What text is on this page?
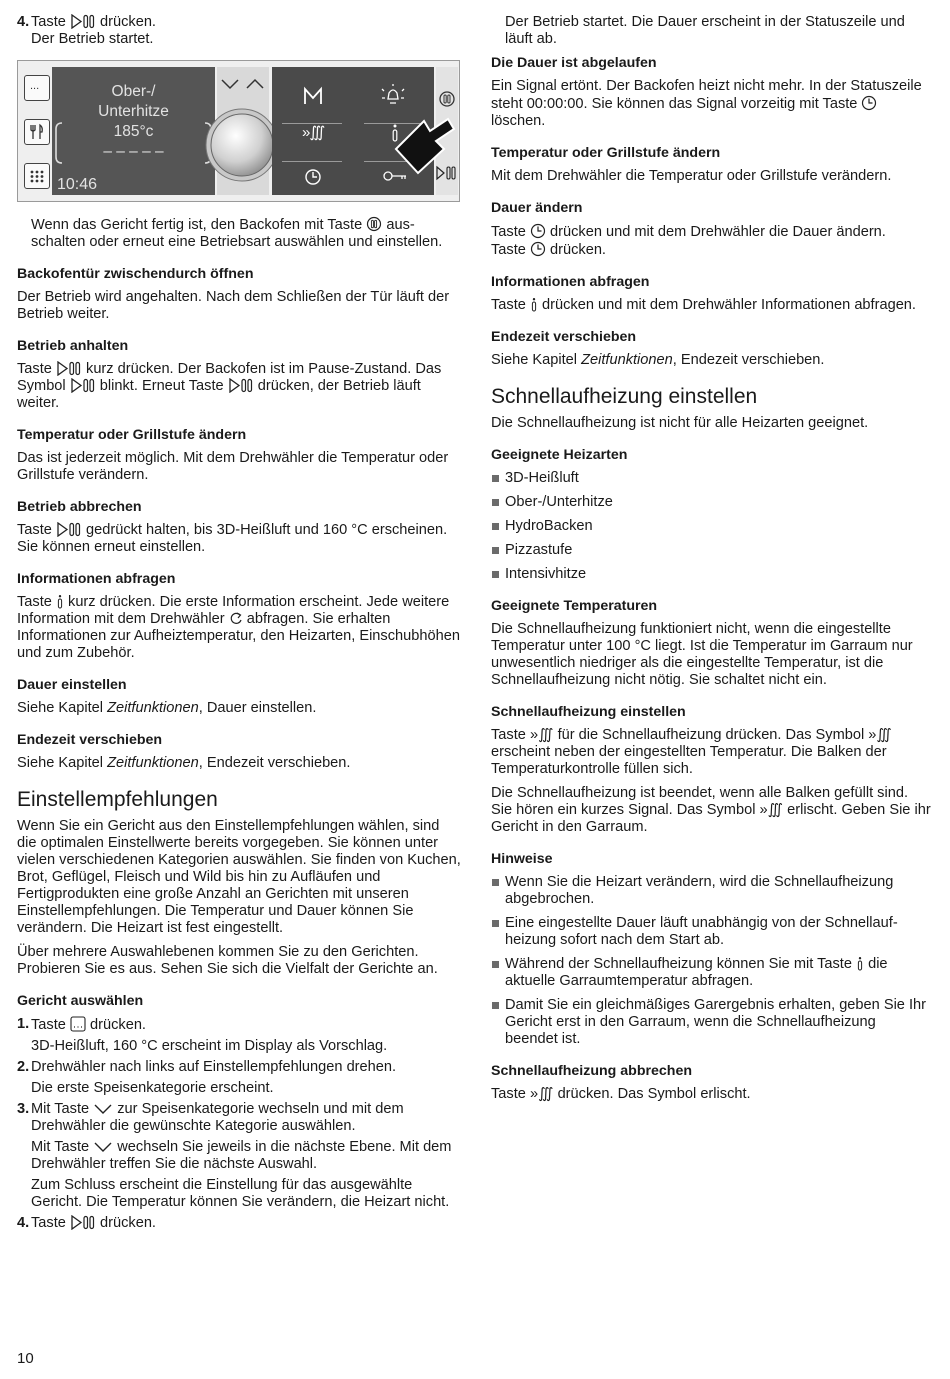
4. Taste drücken.
Der Betrieb startet.
...	Ober-/
Unterhitze
185°c
– – – – –
10:46
»∭

Wenn das Gericht fertig ist, den Backofen mit Taste ausschalten oder erneut eine Betriebsart auswählen und einstellen.

Backofentür zwischendurch öffnen

Der Betrieb wird angehalten. Nach dem Schließen der Tür läuft der Betrieb weiter.

Betrieb anhalten

Taste kurz drücken. Der Backofen ist im Pause-Zustand. Das Symbol blinkt. Erneut Taste drücken, der Betrieb läuft weiter.

Temperatur oder Grillstufe ändern

Das ist jederzeit möglich. Mit dem Drehwähler die Temperatur oder Grillstufe verändern.

Betrieb abbrechen

Taste gedrückt halten, bis 3D-Heißluft und 160 °C erscheinen. Sie können erneut einstellen.

Informationen abfragen

Taste kurz drücken. Die erste Information erscheint. Jede weitere Information mit dem Drehwähler abfragen. Sie erhalten Informationen zur Aufheiztemperatur, den Heizarten, Einschubhöhen und zum Zubehör.

Dauer einstellen

Siehe Kapitel Zeitfunktionen, Dauer einstellen.

Endezeit verschieben

Siehe Kapitel Zeitfunktionen, Endezeit verschieben.

Einstellempfehlungen

Wenn Sie ein Gericht aus den Einstellempfehlungen wählen, sind die optimalen Einstellwerte bereits vorgegeben. Sie können unter vielen verschiedenen Kategorien auswählen. Sie finden von Kuchen, Brot, Geflügel, Fleisch und Wild bis hin zu Aufläufen und Fertigprodukten eine große Anzahl an Gerichten mit unseren Einstellempfehlungen. Die Temperatur und Dauer können Sie verändern. Die Heizart ist fest eingestellt.

Über mehrere Auswahlebenen kommen Sie zu den Gerichten. Probieren Sie es aus. Sehen Sie sich die Vielfalt der Gerichte an.

Gericht auswählen
1. Taste drücken.
3D-Heißluft, 160 °C erscheint im Display als Vorschlag.
2. Drehwähler nach links auf Einstellempfehlungen drehen.
Die erste Speisenkategorie erscheint.
3. Mit Taste zur Speisenkategorie wechseln und mit dem Drehwähler die gewünschte Kategorie auswählen.
Mit Taste wechseln Sie jeweils in die nächste Ebene. Mit dem Drehwähler treffen Sie die nächste Auswahl.
Zum Schluss erscheint die Einstellung für das ausgewählte Gericht. Die Temperatur können Sie verändern, die Heizart nicht.
4. Taste drücken.

Der Betrieb startet. Die Dauer erscheint in der Statuszeile und läuft ab.

Die Dauer ist abgelaufen

Ein Signal ertönt. Der Backofen heizt nicht mehr. In der Statuszeile steht 00:00:00. Sie können das Signal vorzeitig mit Taste  löschen.

Temperatur oder Grillstufe ändern

Mit dem Drehwähler die Temperatur oder Grillstufe verändern.

Dauer ändern

Taste drücken und mit dem Drehwähler die Dauer ändern.
Taste drücken.

Informationen abfragen

Taste drücken und mit dem Drehwähler Informationen abfragen.

Endezeit verschieben

Siehe Kapitel Zeitfunktionen, Endezeit verschieben.

Schnellaufheizung einstellen

Die Schnellaufheizung ist nicht für alle Heizarten geeignet.

Geeignete Heizarten
3D-Heißluft
Ober-/Unterhitze
HydroBacken
Pizzastufe
Intensivhitze
Geeignete Temperaturen

Die Schnellaufheizung funktioniert nicht, wenn die eingestellte Temperatur unter 100 °C liegt. Ist die Temperatur im Garraum nur unwesentlich niedriger als die eingestellte Temperatur, ist die Schnellaufheizung nicht nötig. Sie schaltet nicht ein.

Schnellaufheizung einstellen

Taste »∭ für die Schnellaufheizung drücken. Das Symbol »∭ erscheint neben der eingestellten Temperatur. Die Balken der Temperaturkontrolle füllen sich.

Die Schnellaufheizung ist beendet, wenn alle Balken gefüllt sind. Sie hören ein kurzes Signal. Das Symbol »∭ erlischt. Geben Sie ihr Gericht in den Garraum.

Hinweise
Wenn Sie die Heizart verändern, wird die Schnellaufheizung abgebrochen.
Eine eingestellte Dauer läuft unabhängig von der Schnellaufheizung sofort nach dem Start ab.
Während der Schnellaufheizung können Sie mit Taste die aktuelle Garraumtemperatur abfragen.
Damit Sie ein gleichmäßiges Garergebnis erhalten, geben Sie Ihr Gericht erst in den Garraum, wenn die Schnellaufheizung beendet ist.
Schnellaufheizung abbrechen

Taste »∭ drücken. Das Symbol erlischt.

10
